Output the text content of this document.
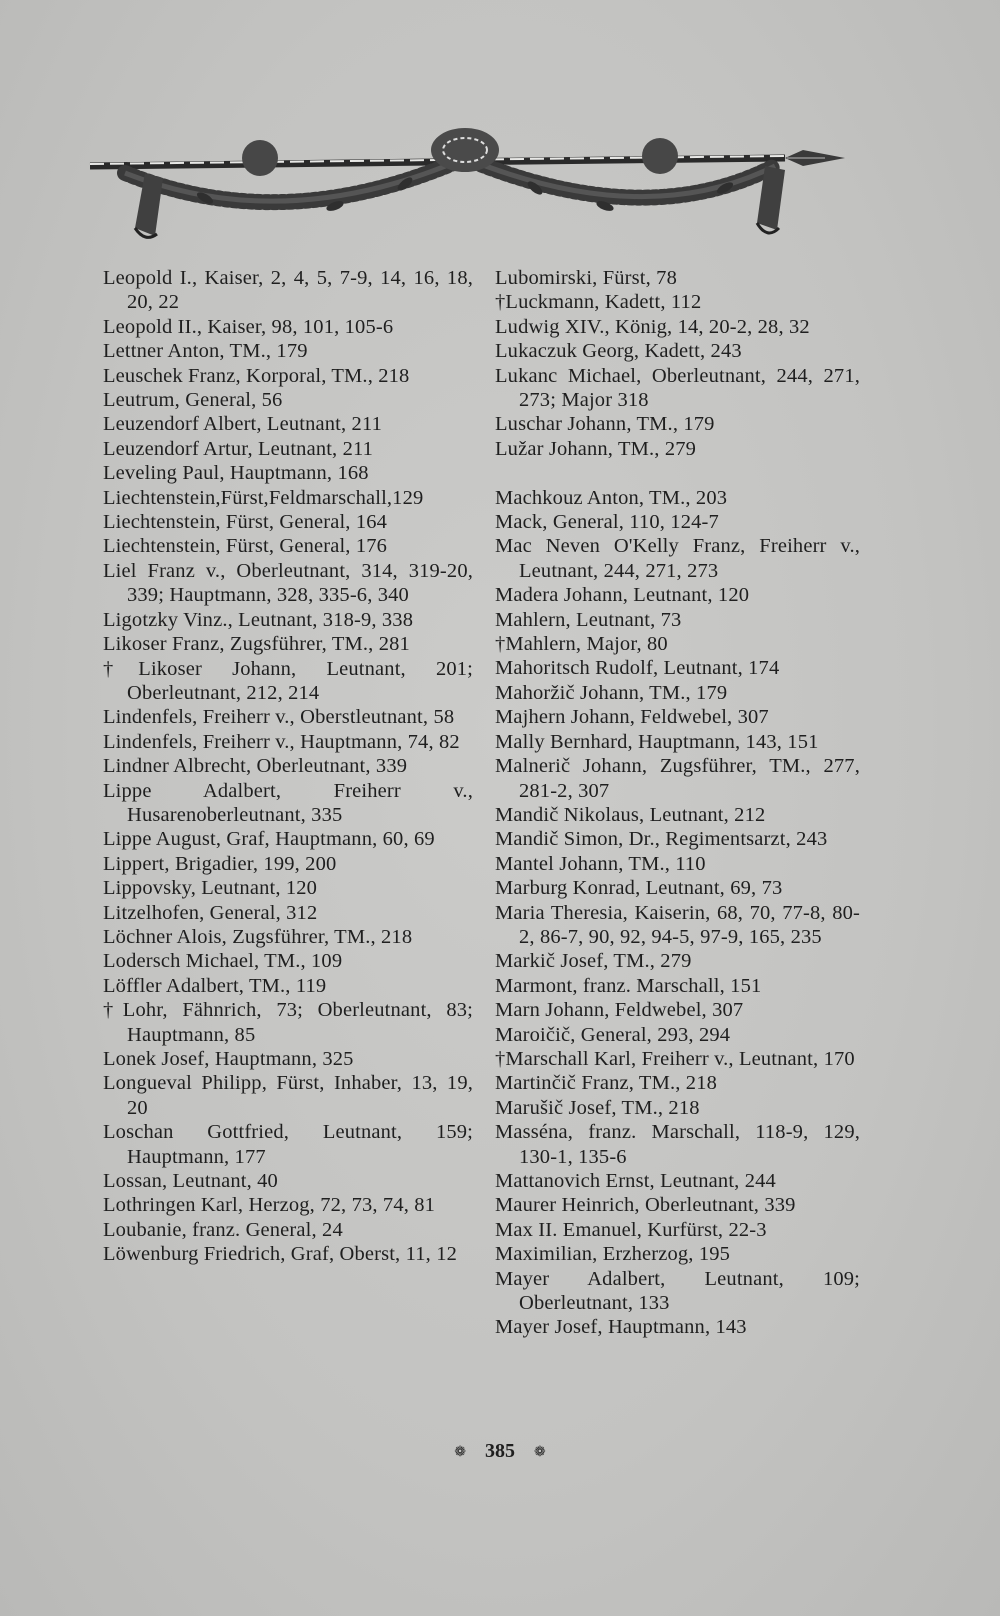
Leopold I., Kaiser, 2, 4, 5, 7-9, 14, 16, 18, 20, 22

Leopold II., Kaiser, 98, 101, 105-6

Lettner Anton, TM., 179

Leuschek Franz, Korporal, TM., 218

Leutrum, General, 56

Leuzendorf Albert, Leutnant, 211

Leuzendorf Artur, Leutnant, 211

Leveling Paul, Hauptmann, 168

Liechtenstein,Fürst,Feldmarschall,129

Liechtenstein, Fürst, General, 164

Liechtenstein, Fürst, General, 176

Liel Franz v., Oberleutnant, 314, 319-20, 339; Hauptmann, 328, 335-6, 340

Ligotzky Vinz., Leutnant, 318-9, 338

Likoser Franz, Zugsführer, TM., 281

†Likoser Johann, Leutnant, 201; Oberleutnant, 212, 214

Lindenfels, Freiherr v., Oberstleutnant, 58

Lindenfels, Freiherr v., Hauptmann, 74, 82

Lindner Albrecht, Oberleutnant, 339

Lippe Adalbert, Freiherr v., Husarenoberleutnant, 335

Lippe August, Graf, Hauptmann, 60, 69

Lippert, Brigadier, 199, 200

Lippovsky, Leutnant, 120

Litzelhofen, General, 312

Löchner Alois, Zugsführer, TM., 218

Lodersch Michael, TM., 109

Löffler Adalbert, TM., 119

†Lohr, Fähnrich, 73; Oberleutnant, 83; Hauptmann, 85

Lonek Josef, Hauptmann, 325

Longueval Philipp, Fürst, Inhaber, 13, 19, 20

Loschan Gottfried, Leutnant, 159; Hauptmann, 177

Lossan, Leutnant, 40

Lothringen Karl, Herzog, 72, 73, 74, 81

Loubanie, franz. General, 24

Löwenburg Friedrich, Graf, Oberst, 11, 12

Lubomirski, Fürst, 78

†Luckmann, Kadett, 112

Ludwig XIV., König, 14, 20-2, 28, 32

Lukaczuk Georg, Kadett, 243

Lukanc Michael, Oberleutnant, 244, 271, 273; Major 318

Luschar Johann, TM., 179

Lužar Johann, TM., 279

Machkouz Anton, TM., 203

Mack, General, 110, 124-7

Mac Neven O'Kelly Franz, Freiherr v., Leutnant, 244, 271, 273

Madera Johann, Leutnant, 120

Mahlern, Leutnant, 73

†Mahlern, Major, 80

Mahoritsch Rudolf, Leutnant, 174

Mahoržič Johann, TM., 179

Majhern Johann, Feldwebel, 307

Mally Bernhard, Hauptmann, 143, 151

Malnerič Johann, Zugsführer, TM., 277, 281-2, 307

Mandič Nikolaus, Leutnant, 212

Mandič Simon, Dr., Regimentsarzt, 243

Mantel Johann, TM., 110

Marburg Konrad, Leutnant, 69, 73

Maria Theresia, Kaiserin, 68, 70, 77-8, 80-2, 86-7, 90, 92, 94-5, 97-9, 165, 235

Markič Josef, TM., 279

Marmont, franz. Marschall, 151

Marn Johann, Feldwebel, 307

Maroičič, General, 293, 294

†Marschall Karl, Freiherr v., Leutnant, 170

Martinčič Franz, TM., 218

Marušič Josef, TM., 218

Masséna, franz. Marschall, 118-9, 129, 130-1, 135-6

Mattanovich Ernst, Leutnant, 244

Maurer Heinrich, Oberleutnant, 339

Max II. Emanuel, Kurfürst, 22-3

Maximilian, Erzherzog, 195

Mayer Adalbert, Leutnant, 109; Oberleutnant, 133

Mayer Josef, Hauptmann, 143

❁ 385 ❁
